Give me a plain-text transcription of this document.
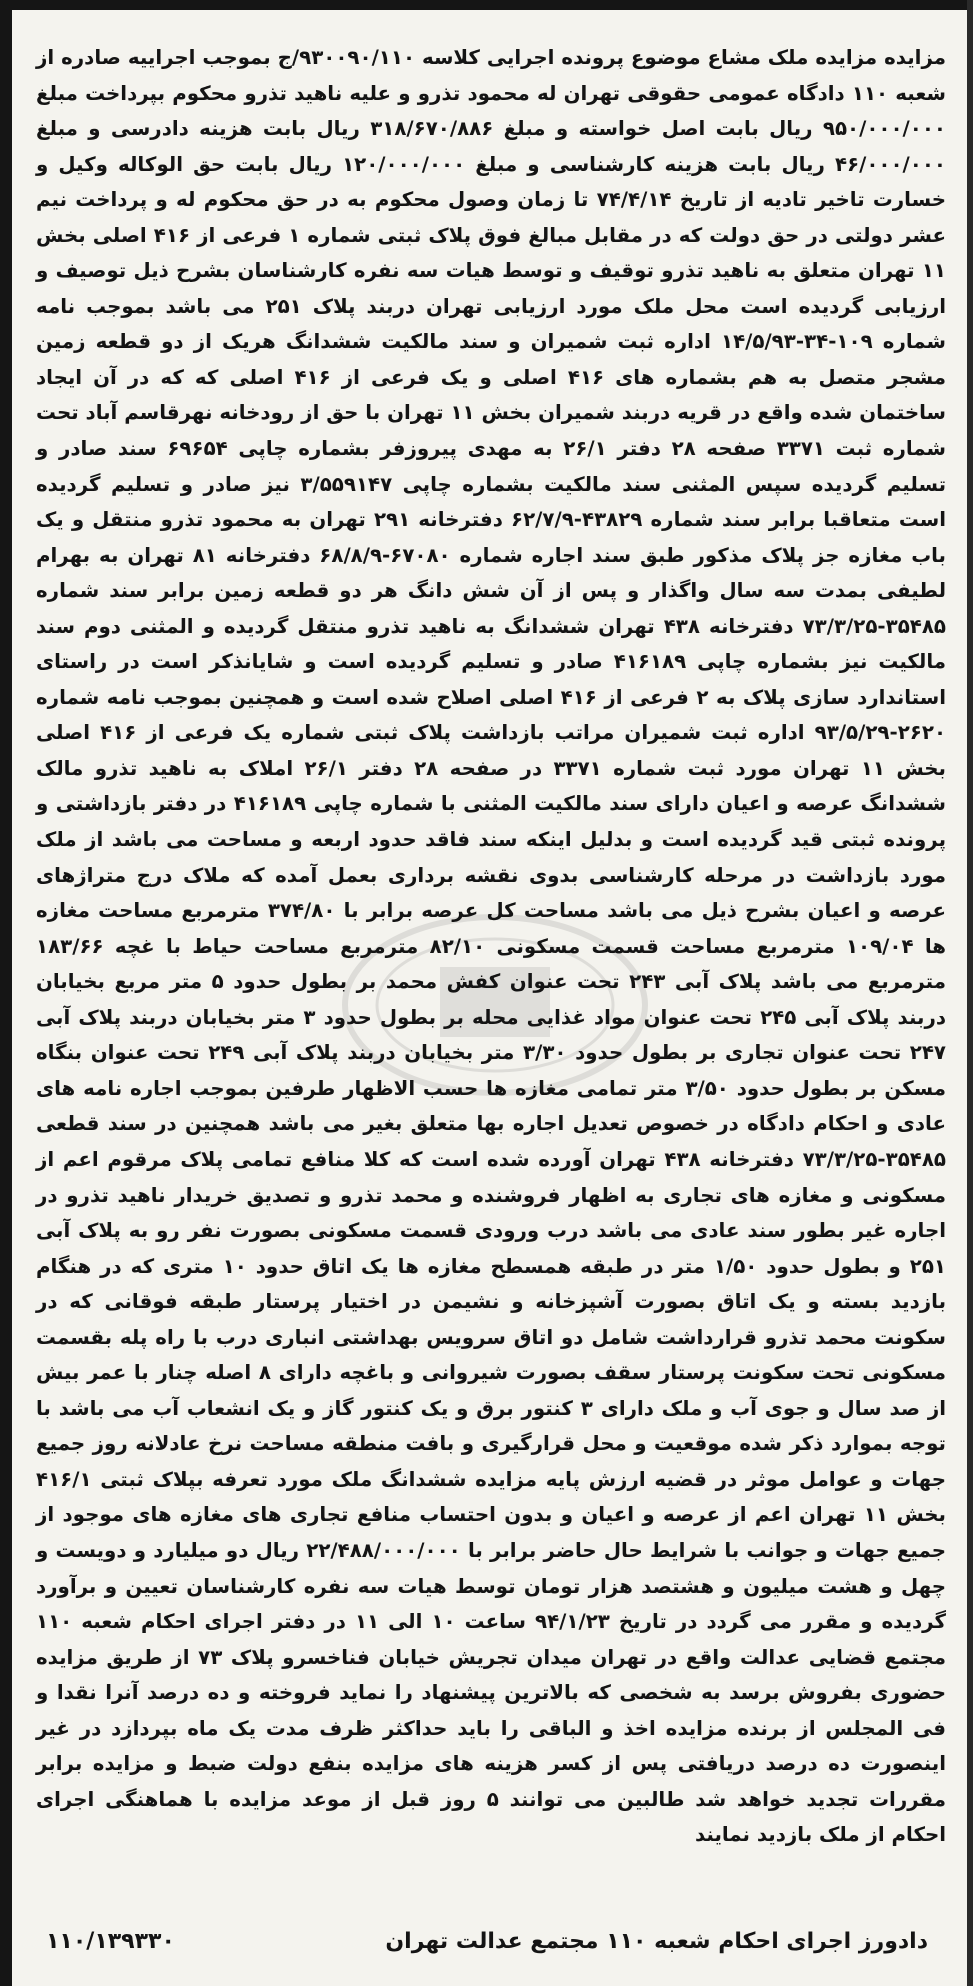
مزایده مزایده ملک مشاع موضوع پرونده اجرایی کلاسه ۹۳۰۰۹۰/۱۱۰/ج بموجب اجراییه صادره از شعبه ۱۱۰ دادگاه عمومی حقوقی تهران له محمود تذرو و علیه ناهید تذرو محکوم بپرداخت مبلغ ۹۵۰/۰۰۰/۰۰۰ ریال بابت اصل خواسته و مبلغ ۳۱۸/۶۷۰/۸۸۶ ریال بابت هزینه دادرسی و مبلغ ۴۶/۰۰۰/۰۰۰ ریال بابت هزینه کارشناسی و مبلغ ۱۲۰/۰۰۰/۰۰۰ ریال بابت حق الوکاله وکیل و خسارت تاخیر تادیه از تاریخ ۷۴/۴/۱۴ تا زمان وصول محکوم به در حق محکوم له و پرداخت نیم عشر دولتی در حق دولت که در مقابل مبالغ فوق پلاک ثبتی شماره ۱ فرعی از ۴۱۶ اصلی بخش ۱۱ تهران متعلق به ناهید تذرو توقیف و توسط هیات سه نفره کارشناسان بشرح ذیل توصیف و ارزیابی گردیده است محل ملک مورد ارزیابی تهران دربند پلاک ۲۵۱ می باشد بموجب نامه شماره ۱۰۹-۳۴-۱۴/۵/۹۳ اداره ثبت شمیران و سند مالکیت ششدانگ هریک از دو قطعه زمین مشجر متصل به هم بشماره های ۴۱۶ اصلی و یک فرعی از ۴۱۶ اصلی که که در آن ایجاد ساختمان شده واقع در قریه دربند شمیران بخش ۱۱ تهران با حق از رودخانه نهرقاسم آباد تحت شماره ثبت ۳۳۷۱ صفحه ۲۸ دفتر ۲۶/۱ به مهدی پیروزفر بشماره چاپی ۶۹۶۵۴ سند صادر و تسلیم گردیده سپس المثنی سند مالکیت بشماره چاپی ۳/۵۵۹۱۴۷ نیز صادر و تسلیم گردیده است متعاقبا برابر سند شماره ۴۳۸۲۹-۶۲/۷/۹ دفترخانه ۲۹۱ تهران به محمود تذرو منتقل و یک باب مغازه جز پلاک مذکور طبق سند اجاره شماره ۶۷۰۸۰-۶۸/۸/۹ دفترخانه ۸۱ تهران به بهرام لطیفی بمدت سه سال واگذار و پس از آن شش دانگ هر دو قطعه زمین برابر سند شماره ۳۵۴۸۵-۷۳/۳/۲۵ دفترخانه ۴۳۸ تهران ششدانگ به ناهید تذرو منتقل گردیده و المثنی دوم سند مالکیت نیز بشماره چاپی ۴۱۶۱۸۹ صادر و تسلیم گردیده است و شایانذکر است در راستای استاندارد سازی پلاک به ۲ فرعی از ۴۱۶ اصلی اصلاح شده است و همچنین بموجب نامه شماره ۲۶۲۰-۹۳/۵/۲۹ اداره ثبت شمیران مراتب بازداشت پلاک ثبتی شماره یک فرعی از ۴۱۶ اصلی بخش ۱۱ تهران مورد ثبت شماره ۳۳۷۱ در صفحه ۲۸ دفتر ۲۶/۱ املاک به ناهید تذرو مالک ششدانگ عرصه و اعیان دارای سند مالکیت المثنی با شماره چاپی ۴۱۶۱۸۹ در دفتر بازداشتی و پرونده ثبتی قید گردیده است و بدلیل اینکه سند فاقد حدود اربعه و مساحت می باشد از ملک مورد بازداشت در مرحله کارشناسی بدوی نقشه برداری بعمل آمده که ملاک درج متراژهای عرصه و اعیان بشرح ذیل می باشد مساحت کل عرصه برابر با ۳۷۴/۸۰ مترمربع مساحت مغازه ها ۱۰۹/۰۴ مترمربع مساحت قسمت مسکونی ۸۲/۱۰ مترمربع مساحت حیاط با غچه ۱۸۳/۶۶ مترمربع می باشد پلاک آبی ۲۴۳ تحت عنوان کفش محمد بر بطول حدود ۵ متر مربع بخیابان دربند پلاک آبی ۲۴۵ تحت عنوان مواد غذایی محله بر بطول حدود ۳ متر بخیابان دربند پلاک آبی ۲۴۷ تحت عنوان تجاری بر بطول حدود ۳/۳۰ متر بخیابان دربند پلاک آبی ۲۴۹ تحت عنوان بنگاه مسکن بر بطول حدود ۳/۵۰ متر تمامی مغازه ها حسب الاظهار طرفین بموجب اجاره نامه های عادی و احکام دادگاه در خصوص تعدیل اجاره بها متعلق بغیر می باشد همچنین در سند قطعی ۳۵۴۸۵-۷۳/۳/۲۵ دفترخانه ۴۳۸ تهران آورده شده است که کلا منافع تمامی پلاک مرقوم اعم از مسکونی و مغازه های تجاری به اظهار فروشنده و محمد تذرو و تصدیق خریدار ناهید تذرو در اجاره غیر بطور سند عادی می باشد درب ورودی قسمت مسکونی بصورت نفر رو به پلاک آبی ۲۵۱ و بطول حدود ۱/۵۰ متر در طبقه همسطح مغازه ها یک اتاق حدود ۱۰ متری که در هنگام بازدید بسته و یک اتاق بصورت آشپزخانه و نشیمن در اختیار پرستار طبقه فوقانی که در سکونت محمد تذرو قرارداشت شامل دو اتاق سرویس بهداشتی انباری درب با راه پله بقسمت مسکونی تحت سکونت پرستار سقف بصورت شیروانی و باغچه دارای ۸ اصله چنار با عمر بیش از صد سال و جوی آب و ملک دارای ۳ کنتور برق و یک کنتور گاز و یک انشعاب آب می باشد با توجه بموارد ذکر شده موقعیت و محل قرارگیری و بافت منطقه مساحت نرخ عادلانه روز جمیع جهات و عوامل موثر در قضیه ارزش پایه مزایده ششدانگ ملک مورد تعرفه بپلاک ثبتی ۴۱۶/۱ بخش ۱۱ تهران اعم از عرصه و اعیان و بدون احتساب منافع تجاری های مغازه های موجود از جمیع جهات و جوانب با شرایط حال حاضر برابر با ۲۲/۴۸۸/۰۰۰/۰۰۰ ریال دو میلیارد و دویست و چهل و هشت میلیون و هشتصد هزار تومان توسط هیات سه نفره کارشناسان تعیین و برآورد گردیده و مقرر می گردد در تاریخ ۹۴/۱/۲۳ ساعت ۱۰ الی ۱۱ در دفتر اجرای احکام شعبه ۱۱۰ مجتمع قضایی عدالت واقع در تهران میدان تجریش خیابان فناخسرو پلاک ۷۳ از طریق مزایده حضوری بفروش برسد به شخصی که بالاترین پیشنهاد را نماید فروخته و ده درصد آنرا نقدا و فی المجلس از برنده مزایده اخذ و الباقی را باید حداکثر ظرف مدت یک ماه بپردازد در غیر اینصورت ده درصد دریافتی پس از کسر هزینه های مزایده بنفع دولت ضبط و مزایده برابر مقررات تجدید خواهد شد طالبین می توانند ۵ روز قبل از موعد مزایده با هماهنگی اجرای احکام از ملک بازدید نمایند

دادورز اجرای احکام شعبه ۱۱۰ مجتمع عدالت تهران
۱۱۰/۱۳۹۳۳۰
